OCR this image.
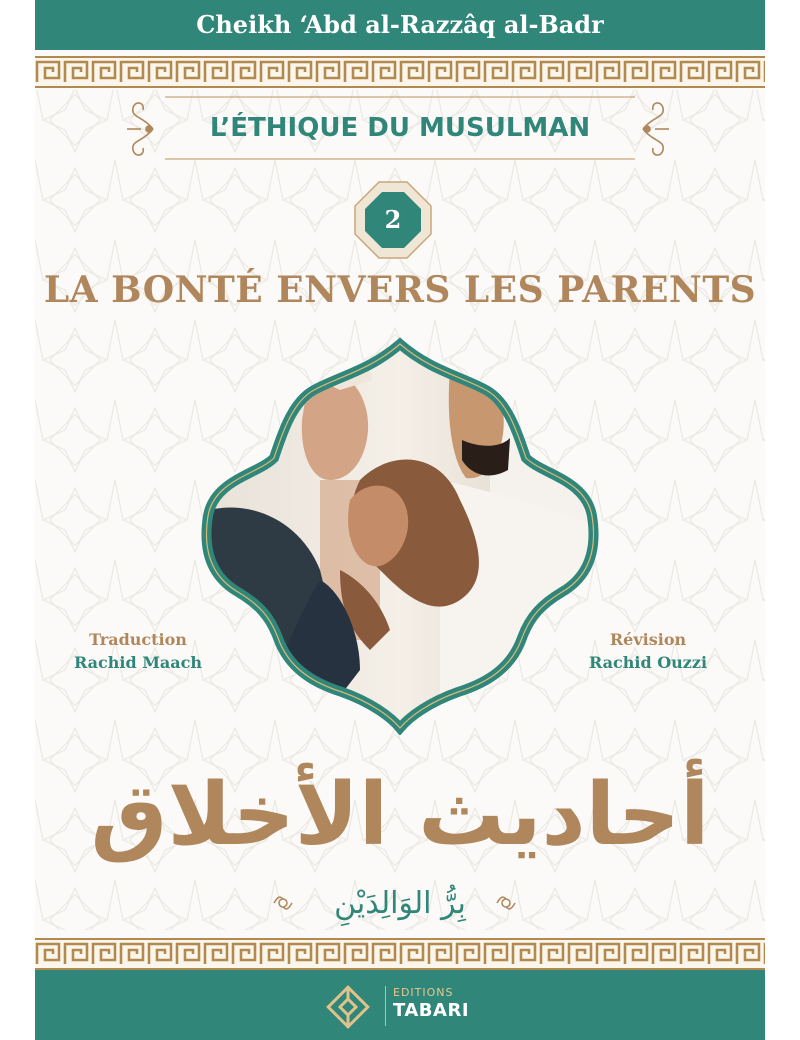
Cheikh ‘Abd al-Razzâq al-Badr
L’ÉTHIQUE DU MUSULMAN
2
LA BONTÉ ENVERS LES PARENTS
Traduction
Rachid Maach
Révision
Rachid Ouzzi
أحاديث الأخلاق
بِرُّ الوَالِدَيْنِ
EDITIONS
TABARI
